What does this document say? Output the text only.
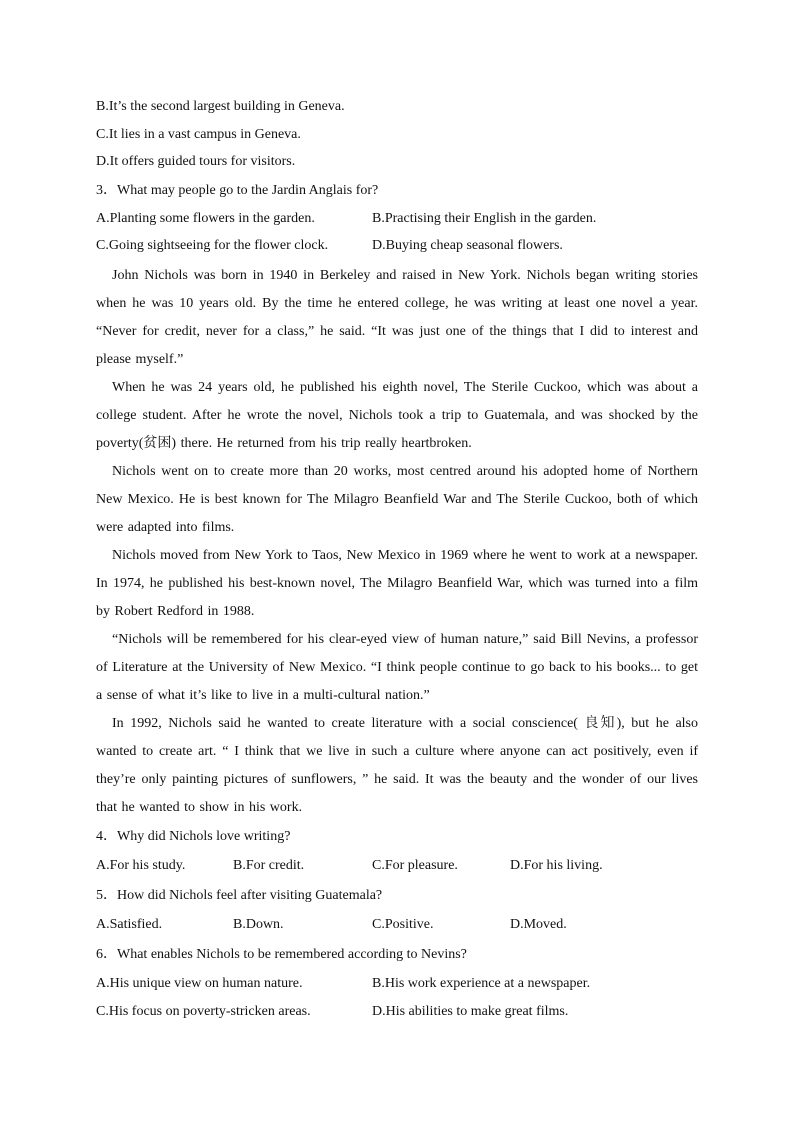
B.It’s the second largest building in Geneva.

C.It lies in a vast campus in Geneva.

D.It offers guided tours for visitors.

3．What may people go to the Jardin Anglais for?

A.Planting some flowers in the garden.	B.Practising their English in the garden.
C.Going sightseeing for the flower clock.	D.Buying cheap seasonal flowers.

John Nichols was born in 1940 in Berkeley and raised in New York. Nichols began writing stories when he was 10 years old. By the time he entered college, he was writing at least one novel a year. “Never for credit, never for a class,” he said. “It was just one of the things that I did to interest and please myself.”

When he was 24 years old, he published his eighth novel, The Sterile Cuckoo, which was about a college student. After he wrote the novel, Nichols took a trip to Guatemala, and was shocked by the poverty(贫困) there. He returned from his trip really heartbroken.

Nichols went on to create more than 20 works, most centred around his adopted home of Northern New Mexico. He is best known for The Milagro Beanfield War and The Sterile Cuckoo, both of which were adapted into films.

Nichols moved from New York to Taos, New Mexico in 1969 where he went to work at a newspaper. In 1974, he published his best-known novel, The Milagro Beanfield War, which was turned into a film by Robert Redford in 1988.

“Nichols will be remembered for his clear-eyed view of human nature,” said Bill Nevins, a professor of Literature at the University of New Mexico. “I think people continue to go back to his books... to get a sense of what it’s like to live in a multi-cultural nation.”

In 1992, Nichols said he wanted to create literature with a social conscience( 良知), but he also wanted to create art. “ I think that we live in such a culture where anyone can act positively, even if they’re only painting pictures of sunflowers, ” he said. It was the beauty and the wonder of our lives that he wanted to show in his work.

4．Why did Nichols love writing?

A.For his study.	B.For credit.	C.For pleasure.	D.For his living.

5．How did Nichols feel after visiting Guatemala?

A.Satisfied.	B.Down.	C.Positive.	D.Moved.

6．What enables Nichols to be remembered according to Nevins?

A.His unique view on human nature.	B.His work experience at a newspaper.
C.His focus on poverty-stricken areas.	D.His abilities to make great films.
